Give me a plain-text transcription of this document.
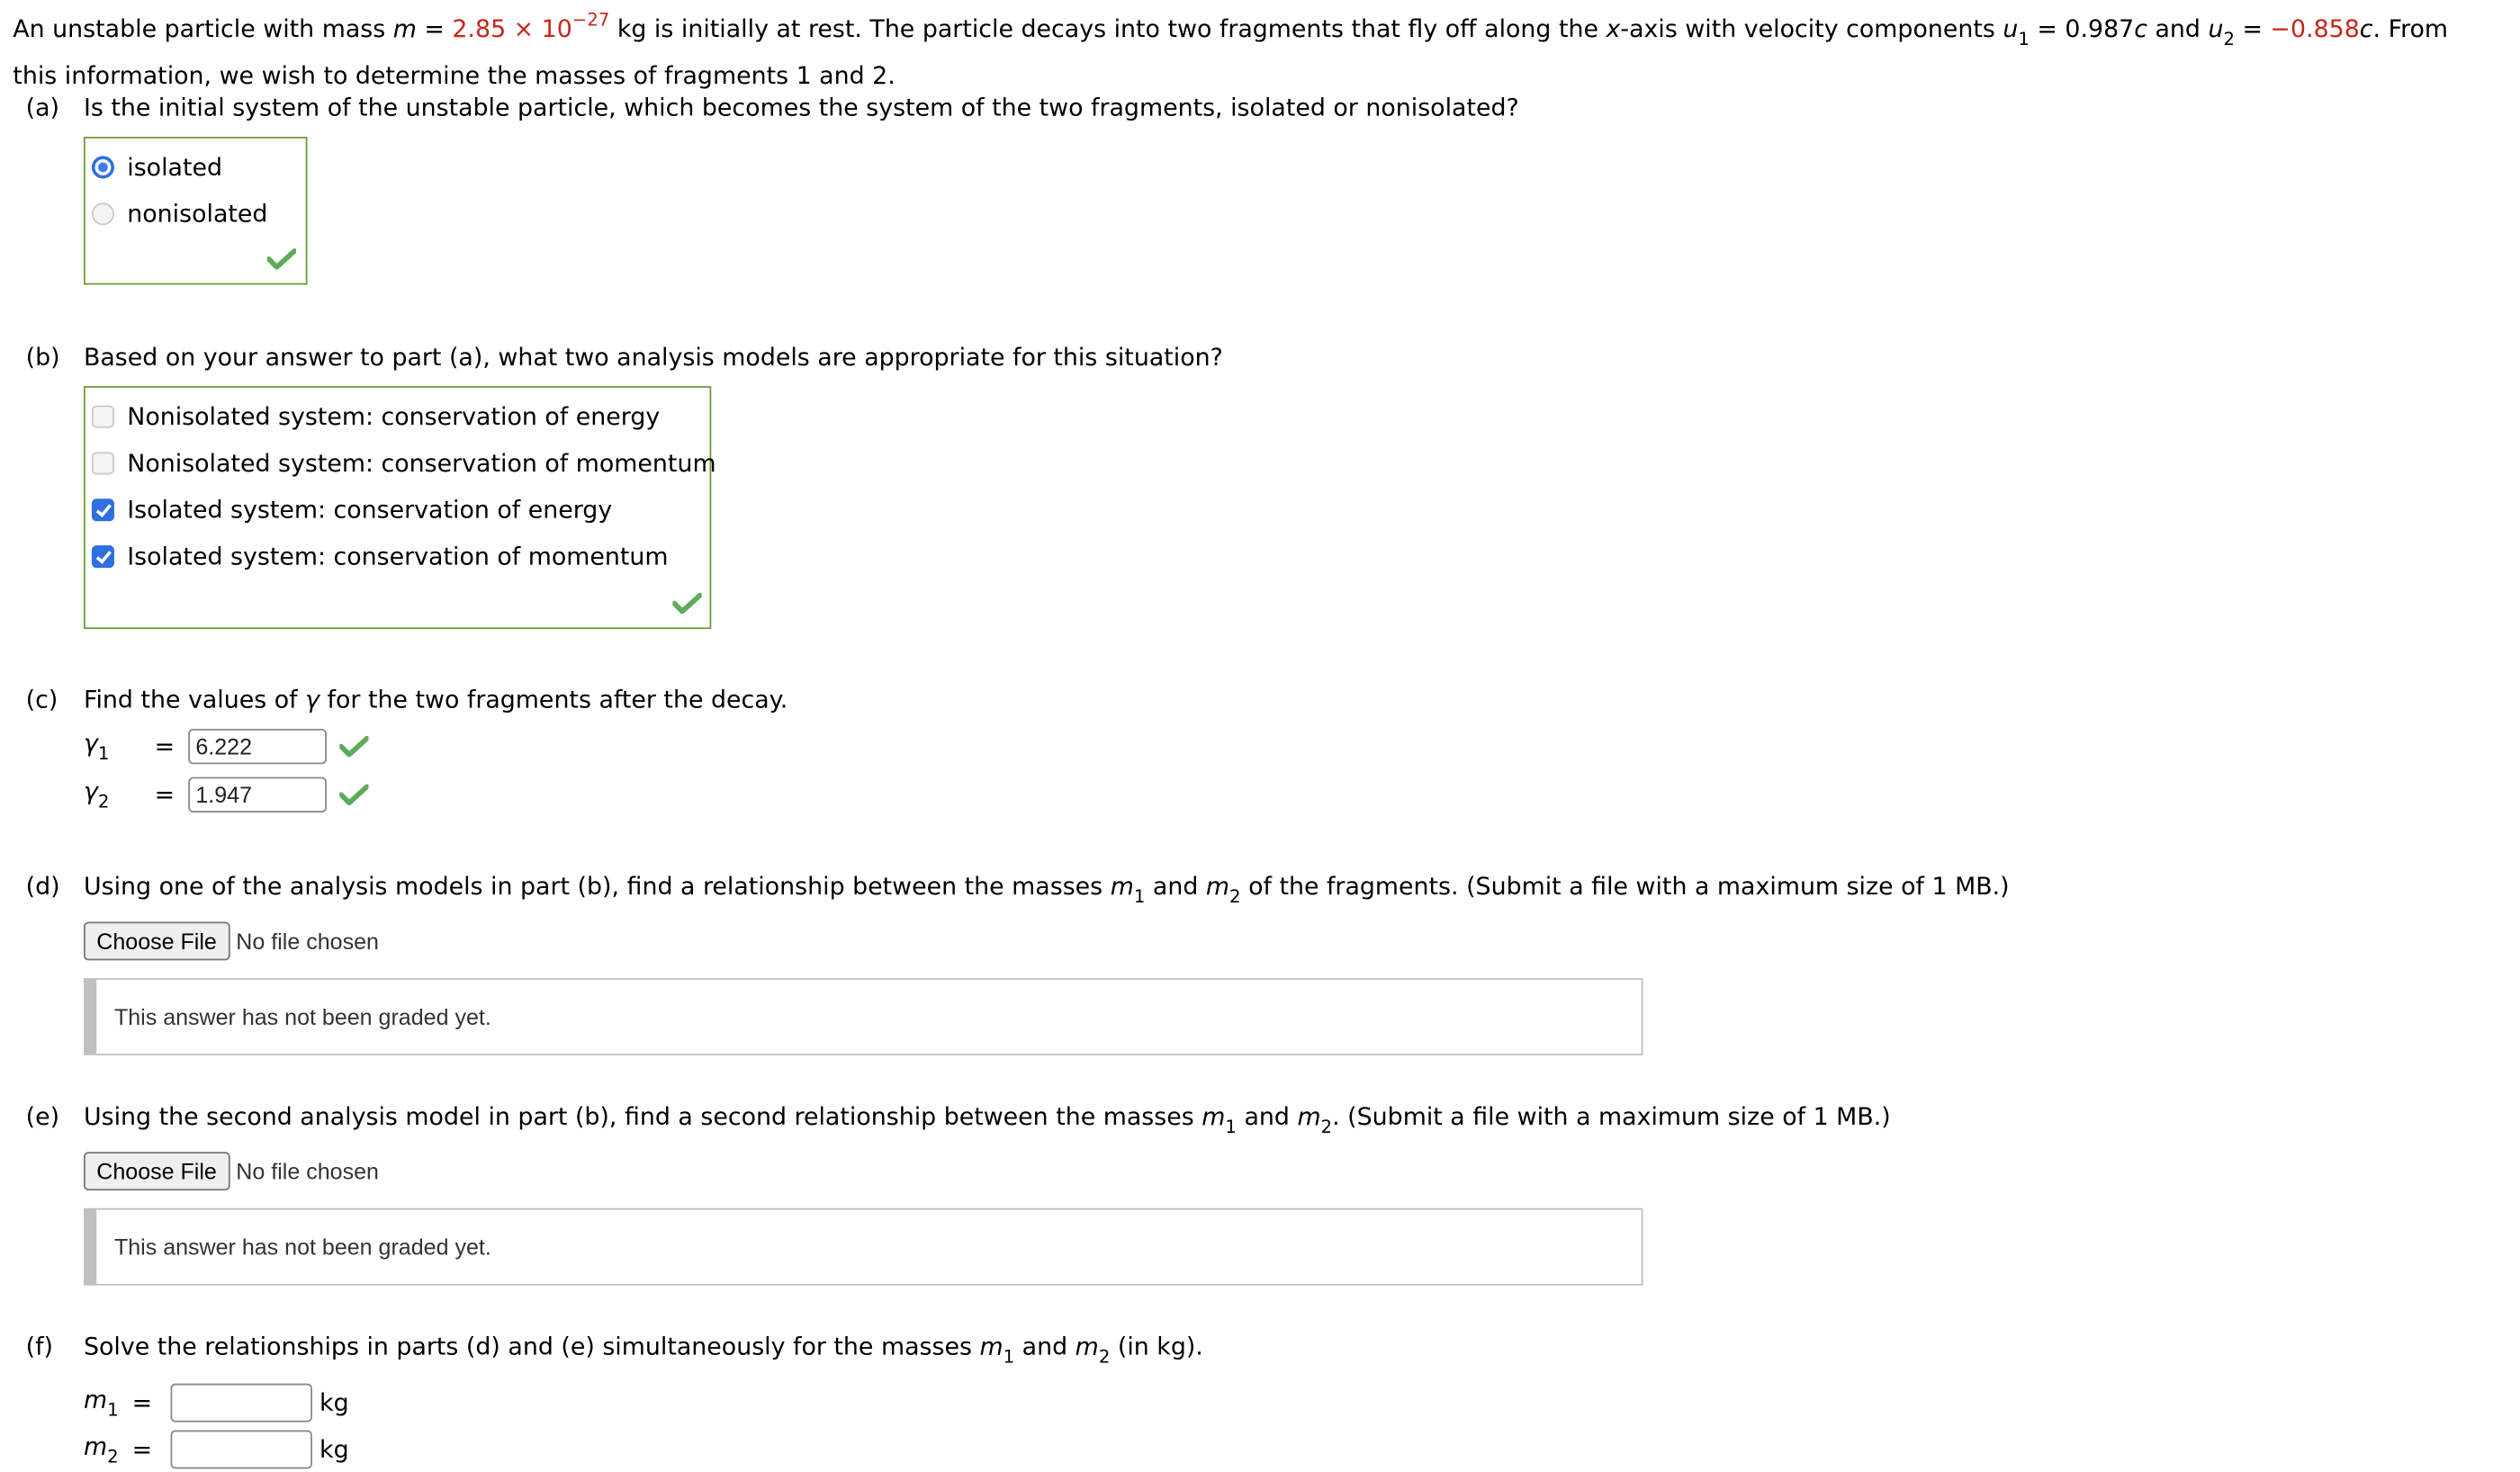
An unstable particle with mass $m = 2.85 \times 10^{-27}$ kg is initially at rest. The particle decays into two fragments that fly off along the x-axis with velocity components $u_1 = 0.987c$ and $u_2 = -0.858c$. From this information, we wish to determine the masses of fragments 1 and 2.
(a) Is the initial system of the unstable particle, which becomes the system of the two fragments, isolated or nonisolated?
isolated
nonisolated
(b) Based on your answer to part (a), what two analysis models are appropriate for this situation?
Nonisolated system: conservation of energy
Nonisolated system: conservation of momentum
Isolated system: conservation of energy
Isolated system: conservation of momentum
(c) Find the values of γ for the two fragments after the decay.
$\gamma_1$	=
6.222
$\gamma_2$	=
1.947
(d) Using one of the analysis models in part (b), find a relationship between the masses $m_1$ and $m_2$ of the fragments. (Submit a file with a maximum size of 1 MB.)
Choose File	No file chosen
This answer has not been graded yet.
(e) Using the second analysis model in part (b), find a second relationship between the masses $m_1$ and $m_2$. (Submit a file with a maximum size of 1 MB.)
Choose File	No file chosen
This answer has not been graded yet.
(f) Solve the relationships in parts (d) and (e) simultaneously for the masses $m_1$ and $m_2$ (in kg).
$m_1$ =	kg
$m_2$ =	kg
